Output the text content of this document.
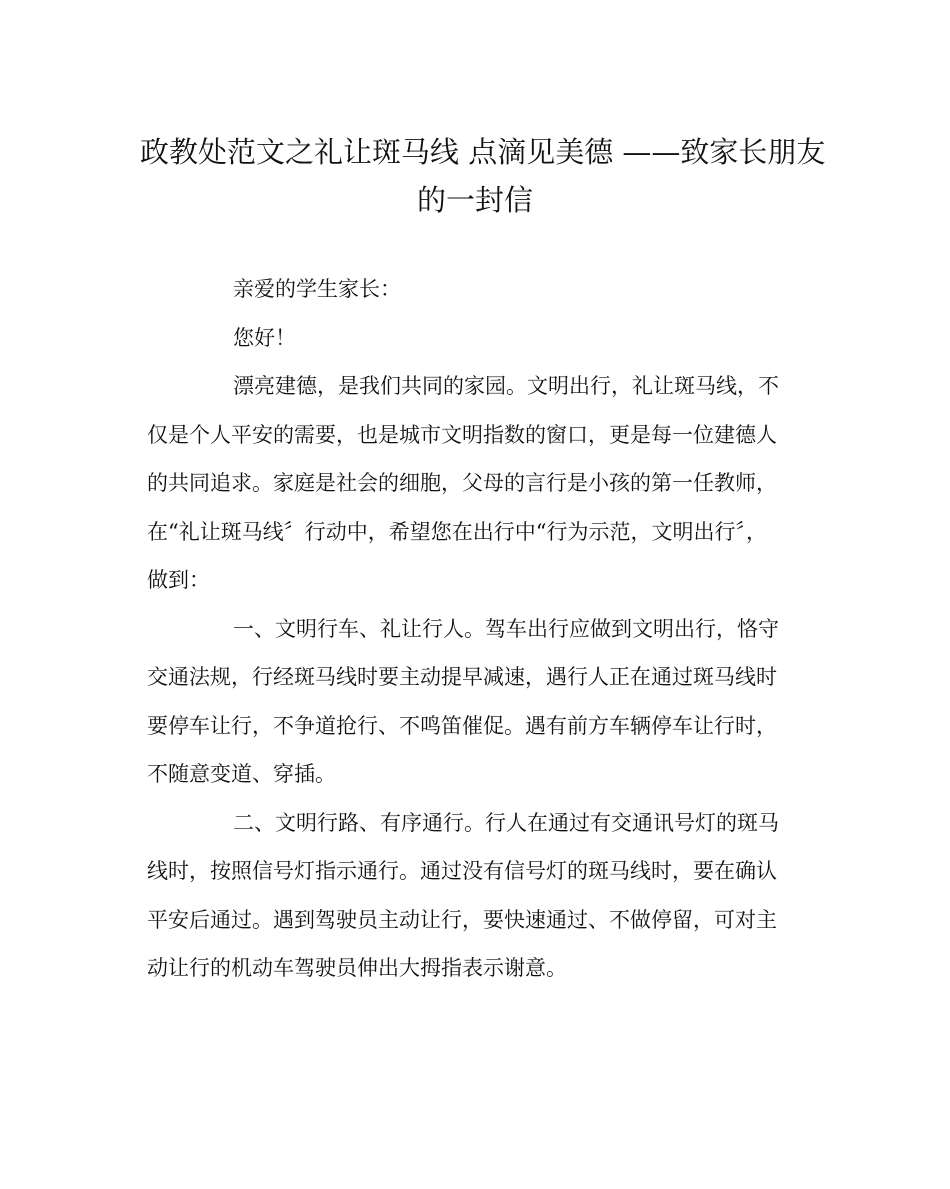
政教处范文之礼让斑马线 点滴见美德 ——致家长朋友
的一封信
亲爱的学生家长：
您好！
漂亮建德，是我们共同的家园。文明出行，礼让斑马线，不
仅是个人平安的需要，也是城市文明指数的窗口，更是每一位建德人
的共同追求。家庭是社会的细胞，父母的言行是小孩的第一任教师，
在“礼让斑马线〞行动中，希望您在出行中“行为示范，文明出行〞，
做到：
一、文明行车、礼让行人。驾车出行应做到文明出行，恪守
交通法规，行经斑马线时要主动提早减速，遇行人正在通过斑马线时
要停车让行，不争道抢行、不鸣笛催促。遇有前方车辆停车让行时，
不随意变道、穿插。
二、文明行路、有序通行。行人在通过有交通讯号灯的斑马
线时，按照信号灯指示通行。通过没有信号灯的斑马线时，要在确认
平安后通过。遇到驾驶员主动让行，要快速通过、不做停留，可对主
动让行的机动车驾驶员伸出大拇指表示谢意。
